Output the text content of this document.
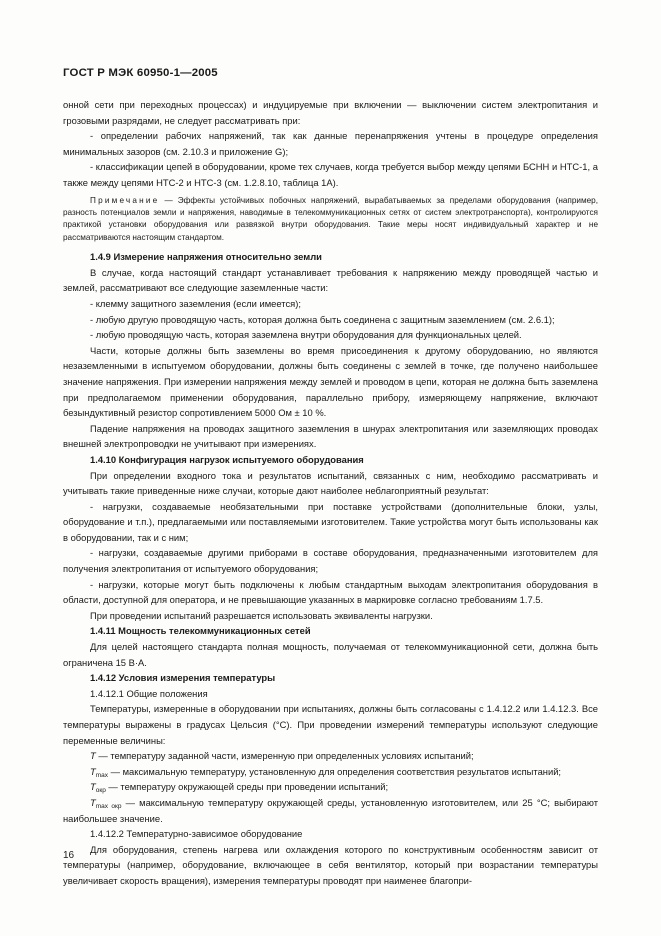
ГОСТ Р МЭК 60950-1—2005

онной сети при переходных процессах) и индуцируемые при включении — выключении систем электропитания и грозовыми разрядами, не следует рассматривать при:

- определении рабочих напряжений, так как данные перенапряжения учтены в процедуре определения минимальных зазоров (см. 2.10.3 и приложение G);

- классификации цепей в оборудовании, кроме тех случаев, когда требуется выбор между цепями БСНН и НТС-1, а также между цепями НТС-2 и НТС-3 (см. 1.2.8.10, таблица 1А).

Примечание — Эффекты устойчивых побочных напряжений, вырабатываемых за пределами оборудования (например, разность потенциалов земли и напряжения, наводимые в телекоммуникационных сетях от систем электротранспорта), контролируются практикой установки оборудования или развязкой внутри оборудования. Такие меры носят индивидуальный характер и не рассматриваются настоящим стандартом.

1.4.9 Измерение напряжения относительно земли

В случае, когда настоящий стандарт устанавливает требования к напряжению между проводящей частью и землей, рассматривают все следующие заземленные части:

- клемму защитного заземления (если имеется);

- любую другую проводящую часть, которая должна быть соединена с защитным заземлением (см. 2.6.1);

- любую проводящую часть, которая заземлена внутри оборудования для функциональных целей.

Части, которые должны быть заземлены во время присоединения к другому оборудованию, но являются незаземленными в испытуемом оборудовании, должны быть соединены с землей в точке, где получено наибольшее значение напряжения. При измерении напряжения между землей и проводом в цепи, которая не должна быть заземлена при предполагаемом применении оборудования, параллельно прибору, измеряющему напряжение, включают безындуктивный резистор сопротивлением 5000 Ом ± 10 %.

Падение напряжения на проводах защитного заземления в шнурах электропитания или заземляющих проводах внешней электропроводки не учитывают при измерениях.

1.4.10 Конфигурация нагрузок испытуемого оборудования

При определении входного тока и результатов испытаний, связанных с ним, необходимо рассматривать и учитывать такие приведенные ниже случаи, которые дают наиболее неблагоприятный результат:

- нагрузки, создаваемые необязательными при поставке устройствами (дополнительные блоки, узлы, оборудование и т.п.), предлагаемыми или поставляемыми изготовителем. Такие устройства могут быть использованы как в оборудовании, так и с ним;

- нагрузки, создаваемые другими приборами в составе оборудования, предназначенными изготовителем для получения электропитания от испытуемого оборудования;

- нагрузки, которые могут быть подключены к любым стандартным выходам электропитания оборудования в области, доступной для оператора, и не превышающие указанных в маркировке согласно требованиям 1.7.5.

При проведении испытаний разрешается использовать эквиваленты нагрузки.

1.4.11 Мощность телекоммуникационных сетей

Для целей настоящего стандарта полная мощность, получаемая от телекоммуникационной сети, должна быть ограничена 15 В·А.

1.4.12 Условия измерения температуры

1.4.12.1 Общие положения

Температуры, измеренные в оборудовании при испытаниях, должны быть согласованы с 1.4.12.2 или 1.4.12.3. Все температуры выражены в градусах Цельсия (°С). При проведении измерений температуры используют следующие переменные величины:

T — температуру заданной части, измеренную при определенных условиях испытаний;

$T_{max}$ — максимальную температуру, установленную для определения соответствия результатов испытаний;

$T_{окр}$ — температуру окружающей среды при проведении испытаний;

$T_{max окр}$ — максимальную температуру окружающей среды, установленную изготовителем, или 25 °С; выбирают наибольшее значение.

1.4.12.2 Температурно-зависимое оборудование

Для оборудования, степень нагрева или охлаждения которого по конструктивным особенностям зависит от температуры (например, оборудование, включающее в себя вентилятор, который при возрастании температуры увеличивает скорость вращения), измерения температуры проводят при наименее благопри-

16
